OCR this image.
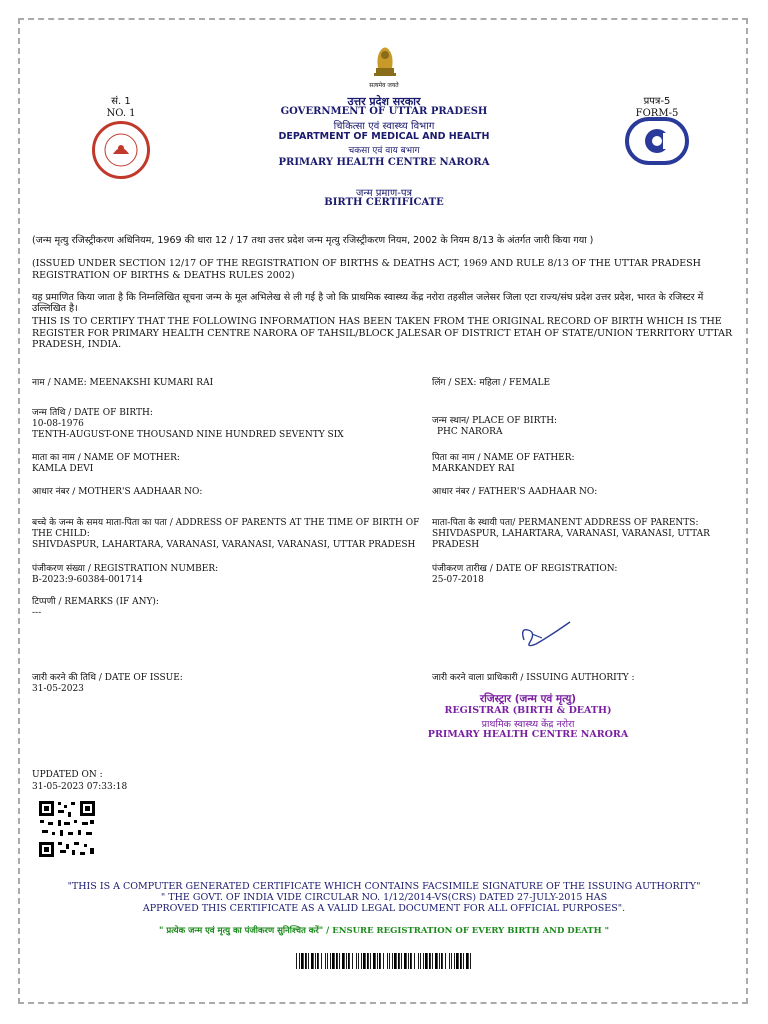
सत्यमेव जयते
सं. 1
NO. 1
प्रपत्र-5
FORM-5
उत्तर प्रदेश सरकार
GOVERNMENT OF UTTAR PRADESH
चिकित्सा एवं स्वास्थ्य विभाग
DEPARTMENT OF MEDICAL AND HEALTH
चकसा एवं वाय बभाग
PRIMARY HEALTH CENTRE NARORA
जन्म प्रमाण-पत्र
BIRTH CERTIFICATE
(जन्म मृत्यु रजिस्ट्रीकरण अधिनियम, 1969 की धारा 12 / 17 तथा उत्तर प्रदेश जन्म मृत्यु रजिस्ट्रीकरण नियम, 2002 के नियम 8/13 के अंतर्गत जारी किया गया )
(ISSUED UNDER SECTION 12/17 OF THE REGISTRATION OF BIRTHS & DEATHS ACT, 1969 AND RULE 8/13 OF THE UTTAR PRADESH REGISTRATION OF BIRTHS & DEATHS RULES 2002)
यह प्रमाणित किया जाता है कि निम्नलिखित सूचना जन्म के मूल अभिलेख से ली गई है जो कि प्राथमिक स्वास्थ्य केंद्र नरोरा तहसील जलेसर जिला एटा राज्य/संघ प्रदेश उत्तर प्रदेश, भारत के रजिस्टर में उल्लिखित है।
THIS IS TO CERTIFY THAT THE FOLLOWING INFORMATION HAS BEEN TAKEN FROM THE ORIGINAL RECORD OF BIRTH WHICH IS THE REGISTER FOR PRIMARY HEALTH CENTRE NARORA OF TAHSIL/BLOCK JALESAR OF DISTRICT ETAH OF STATE/UNION TERRITORY UTTAR PRADESH, INDIA.
नाम / NAME: MEENAKSHI KUMARI RAI
जन्म तिथि / DATE OF BIRTH:
10-08-1976
TENTH-AUGUST-ONE THOUSAND NINE HUNDRED SEVENTY SIX
माता का नाम / NAME OF MOTHER:
KAMLA DEVI
आधार नंबर / MOTHER'S AADHAAR NO:
बच्चे के जन्म के समय माता-पिता का पता / ADDRESS OF PARENTS AT THE TIME OF BIRTH OF THE CHILD:
SHIVDASPUR, LAHARTARA, VARANASI, VARANASI, VARANASI, UTTAR PRADESH
पंजीकरण संख्या / REGISTRATION NUMBER:
B-2023:9-60384-001714
टिप्पणी / REMARKS (IF ANY):
---
जारी करने की तिथि / DATE OF ISSUE:
31-05-2023
लिंग / SEX: महिला / FEMALE
जन्म स्थान/ PLACE OF BIRTH:
PHC NARORA
पिता का नाम / NAME OF FATHER:
MARKANDEY RAI
आधार नंबर / FATHER'S AADHAAR NO:
माता-पिता के स्थायी पता/ PERMANENT ADDRESS OF PARENTS:
SHIVDASPUR, LAHARTARA, VARANASI, VARANASI, UTTAR PRADESH
पंजीकरण तारीख / DATE OF REGISTRATION:
25-07-2018
जारी करने वाला प्राधिकारी / ISSUING AUTHORITY :
रजिस्ट्रार (जन्म एवं मृत्यु)
REGISTRAR (BIRTH & DEATH)
प्राथमिक स्वास्थ्य केंद्र नरोरा
PRIMARY HEALTH CENTRE NARORA
UPDATED ON :
31-05-2023 07:33:18
"THIS IS A COMPUTER GENERATED CERTIFICATE WHICH CONTAINS FACSIMILE SIGNATURE OF THE ISSUING AUTHORITY"
" THE GOVT. OF INDIA VIDE CIRCULAR NO. 1/12/2014-VS(CRS) DATED 27-JULY-2015 HAS
APPROVED THIS CERTIFICATE AS A VALID LEGAL DOCUMENT FOR ALL OFFICIAL PURPOSES".
" प्रत्येक जन्म एवं मृत्यु का पंजीकरण सुनिश्चित करें" / ENSURE REGISTRATION OF EVERY BIRTH AND DEATH "
